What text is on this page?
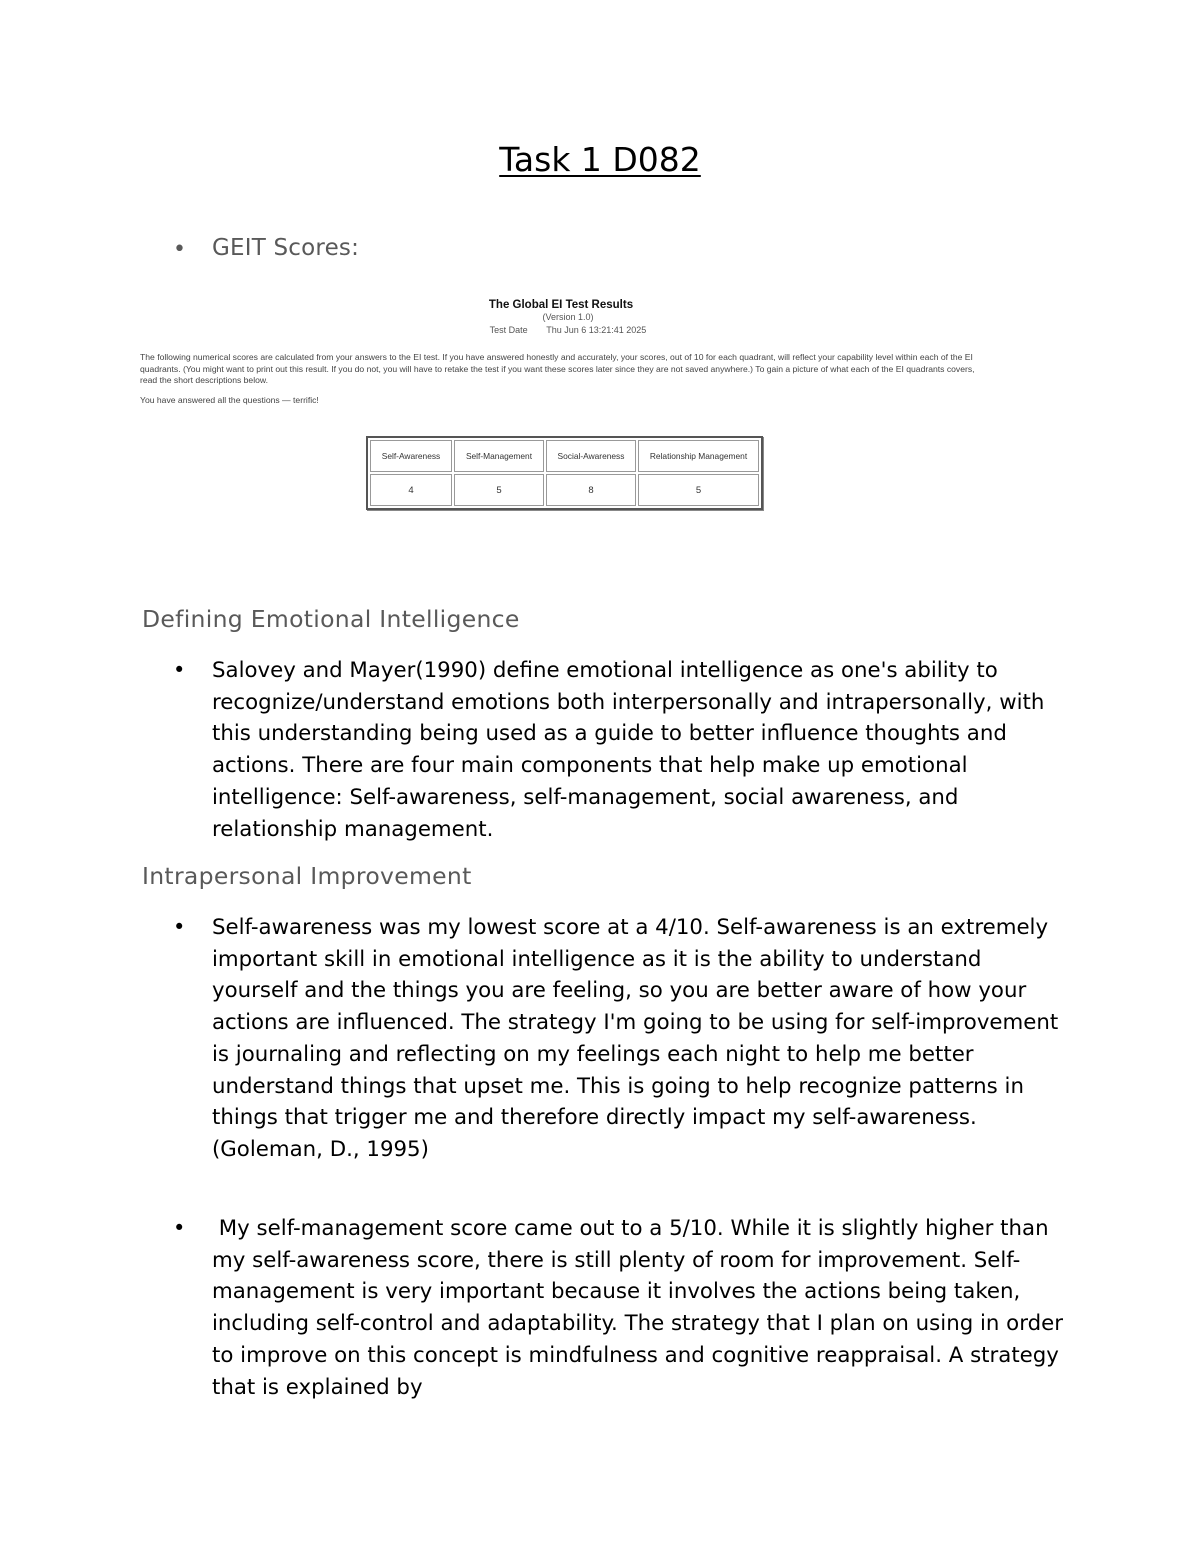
Task 1 D082
• GEIT Scores:
The Global EI Test Results
(Version 1.0)
Test Date Thu Jun 6 13:21:41 2025
The following numerical scores are calculated from your answers to the EI test. If you have answered honestly and accurately, your scores, out of 10 for each quadrant, will reflect your capability level within each of the EI quadrants. (You might want to print out this result. If you do not, you will have to retake the test if you want these scores later since they are not saved anywhere.) To gain a picture of what each of the EI quadrants covers, read the short descriptions below.
You have answered all the questions — terrific!
Self-Awareness	Self-Management	Social-Awareness	Relationship Management
4	5	8	5
Defining Emotional Intelligence
• Salovey and Mayer(1990) define emotional intelligence as one's ability to recognize/understand emotions both interpersonally and intrapersonally, with this understanding being used as a guide to better influence thoughts and actions. There are four main components that help make up emotional intelligence: Self-awareness, self-management, social awareness, and relationship management.
Intrapersonal Improvement
• Self-awareness was my lowest score at a 4/10. Self-awareness is an extremely important skill in emotional intelligence as it is the ability to understand yourself and the things you are feeling, so you are better aware of how your actions are influenced. The strategy I'm going to be using for self-improvement is journaling and reflecting on my feelings each night to help me better understand things that upset me. This is going to help recognize patterns in things that trigger me and therefore directly impact my self-awareness. (Goleman, D., 1995)
• My self-management score came out to a 5/10. While it is slightly higher than my self-awareness score, there is still plenty of room for improvement. Self-management is very important because it involves the actions being taken, including self-control and adaptability. The strategy that I plan on using in order to improve on this concept is mindfulness and cognitive reappraisal. A strategy that is explained by
